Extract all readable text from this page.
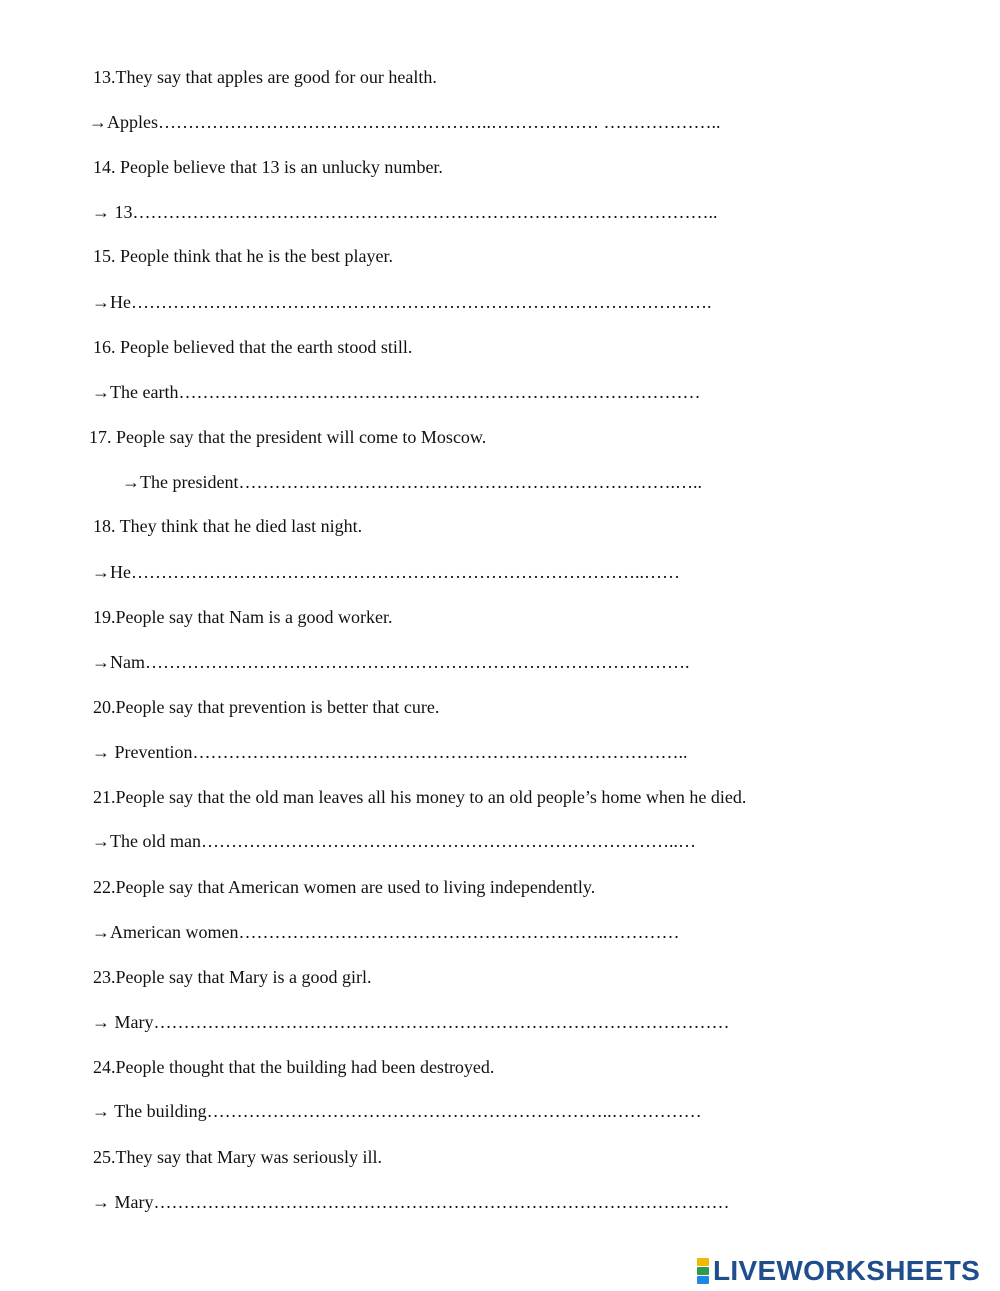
13.They say that apples are good for our health.
→Apples………………………………………………..……………… ………………..
14. People believe that 13 is an unlucky number.
→ 13……………………………………………………………………………………..
15. People think that he is the best player.
→He…………………………………………………………………………………….
16. People believed that the earth stood still.
→The earth……………………………………………………………………………
17. People say that the president will come to Moscow.
→The president……………………………………………………………….…..
18. They think that he died last night.
→He…………………………………………………………………………..……
19.People say that Nam is a good worker.
→Nam……………………………………………………………………………….
20.People say that prevention is better that cure.
→ Prevention………………………………………………………………………..
21.People say that the old man leaves all his money to an old people’s home when he died.
→The old man……………………………………………………………………..…
22.People say that American women are used to living independently.
→American women……………………………………………………..…………
23.People say that Mary is a good girl.
→ Mary……………………………………………………………………………………
24.People thought that the building had been destroyed.
→ The building…………………………………………………………..……………
25.They say that Mary was seriously ill.
→ Mary……………………………………………………………………………………
LIVEWORKSHEETS
